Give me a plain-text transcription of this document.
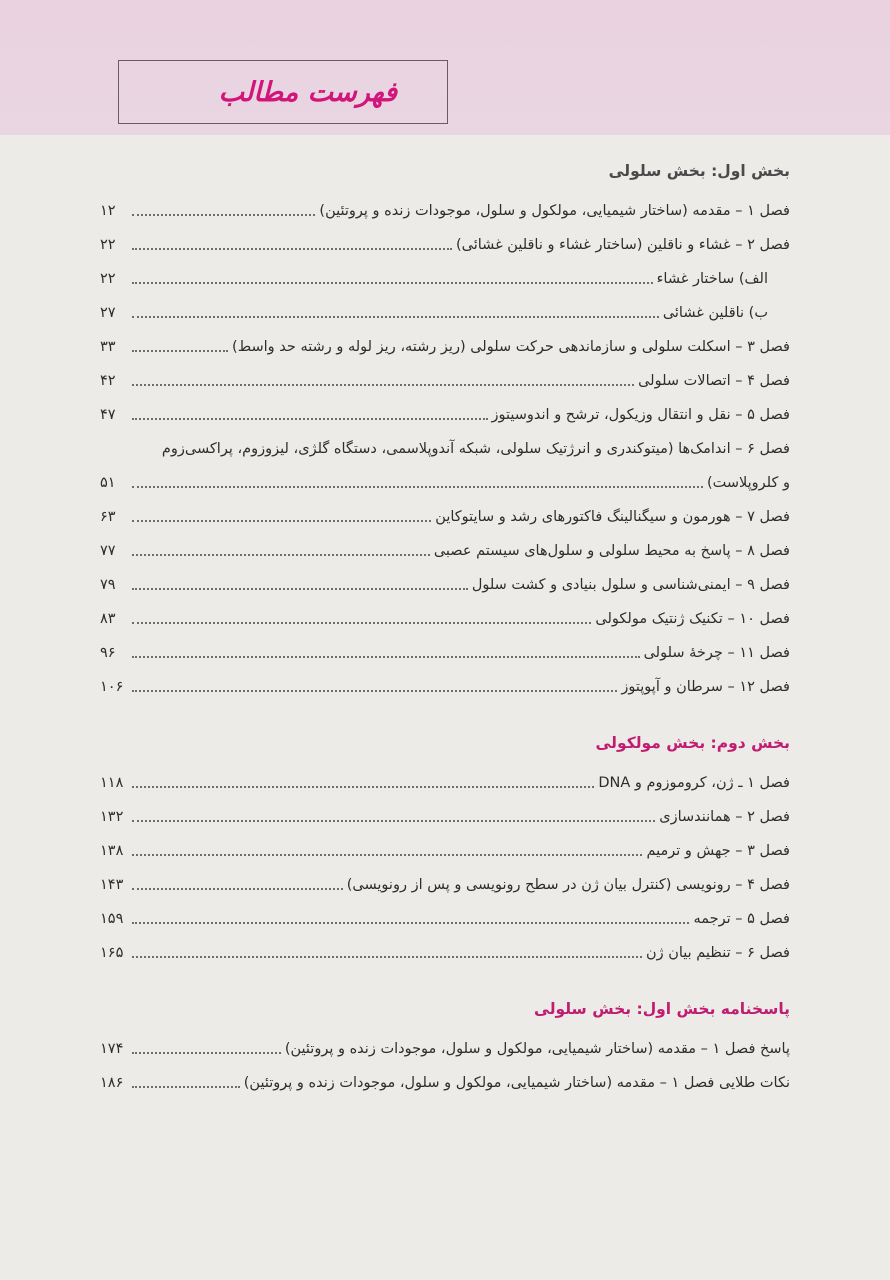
فهرست مطالب
بخش اول: بخش سلولی
فصل ۱ – مقدمه (ساختار شیمیایی، مولکول و سلول، موجودات زنده و پروتئین)
۱۲
فصل ۲ – غشاء و ناقلین (ساختار غشاء و ناقلین غشائی)
۲۲
الف) ساختار غشاء
۲۲
ب) ناقلین غشائی
۲۷
فصل ۳ – اسکلت سلولی و سازماندهی حرکت سلولی (ریز رشته، ریز لوله و رشته حد واسط)
۳۳
فصل ۴ – اتصالات سلولی
۴۲
فصل ۵ – نقل و انتقال وزیکول، ترشح و اندوسیتوز
۴۷
فصل ۶ – اندامک‌ها (میتوکندری و انرژتیک سلولی، شبکه آندوپلاسمی، دستگاه گلژی، لیزوزوم، پراکسی‌زوم
و کلروپلاست)
۵۱
فصل ۷ – هورمون و سیگنالینگ فاکتورهای رشد و سایتوکاین
۶۳
فصل ۸ – پاسخ به محیط سلولی و سلول‌های سیستم عصبی
۷۷
فصل ۹ – ایمنی‌شناسی و سلول بنیادی و کشت سلول
۷۹
فصل ۱۰ – تکنیک ژنتیک مولکولی
۸۳
فصل ۱۱ – چرخهٔ سلولی
۹۶
فصل ۱۲ – سرطان و آپوپتوز
۱۰۶
بخش دوم: بخش مولکولی
فصل ۱ ـ ژن، کروموزوم و DNA
۱۱۸
فصل ۲ – همانندسازی
۱۳۲
فصل ۳ – جهش و ترمیم
۱۳۸
فصل ۴ – رونویسی (کنترل بیان ژن در سطح رونویسی و پس از رونویسی)
۱۴۳
فصل ۵ – ترجمه
۱۵۹
فصل ۶ – تنظیم بیان ژن
۱۶۵
پاسخنامه بخش اول: بخش سلولی
پاسخ فصل ۱ – مقدمه (ساختار شیمیایی، مولکول و سلول، موجودات زنده و پروتئین)
۱۷۴
نکات طلایی فصل ۱ – مقدمه (ساختار شیمیایی، مولکول و سلول، موجودات زنده و پروتئین)
۱۸۶
